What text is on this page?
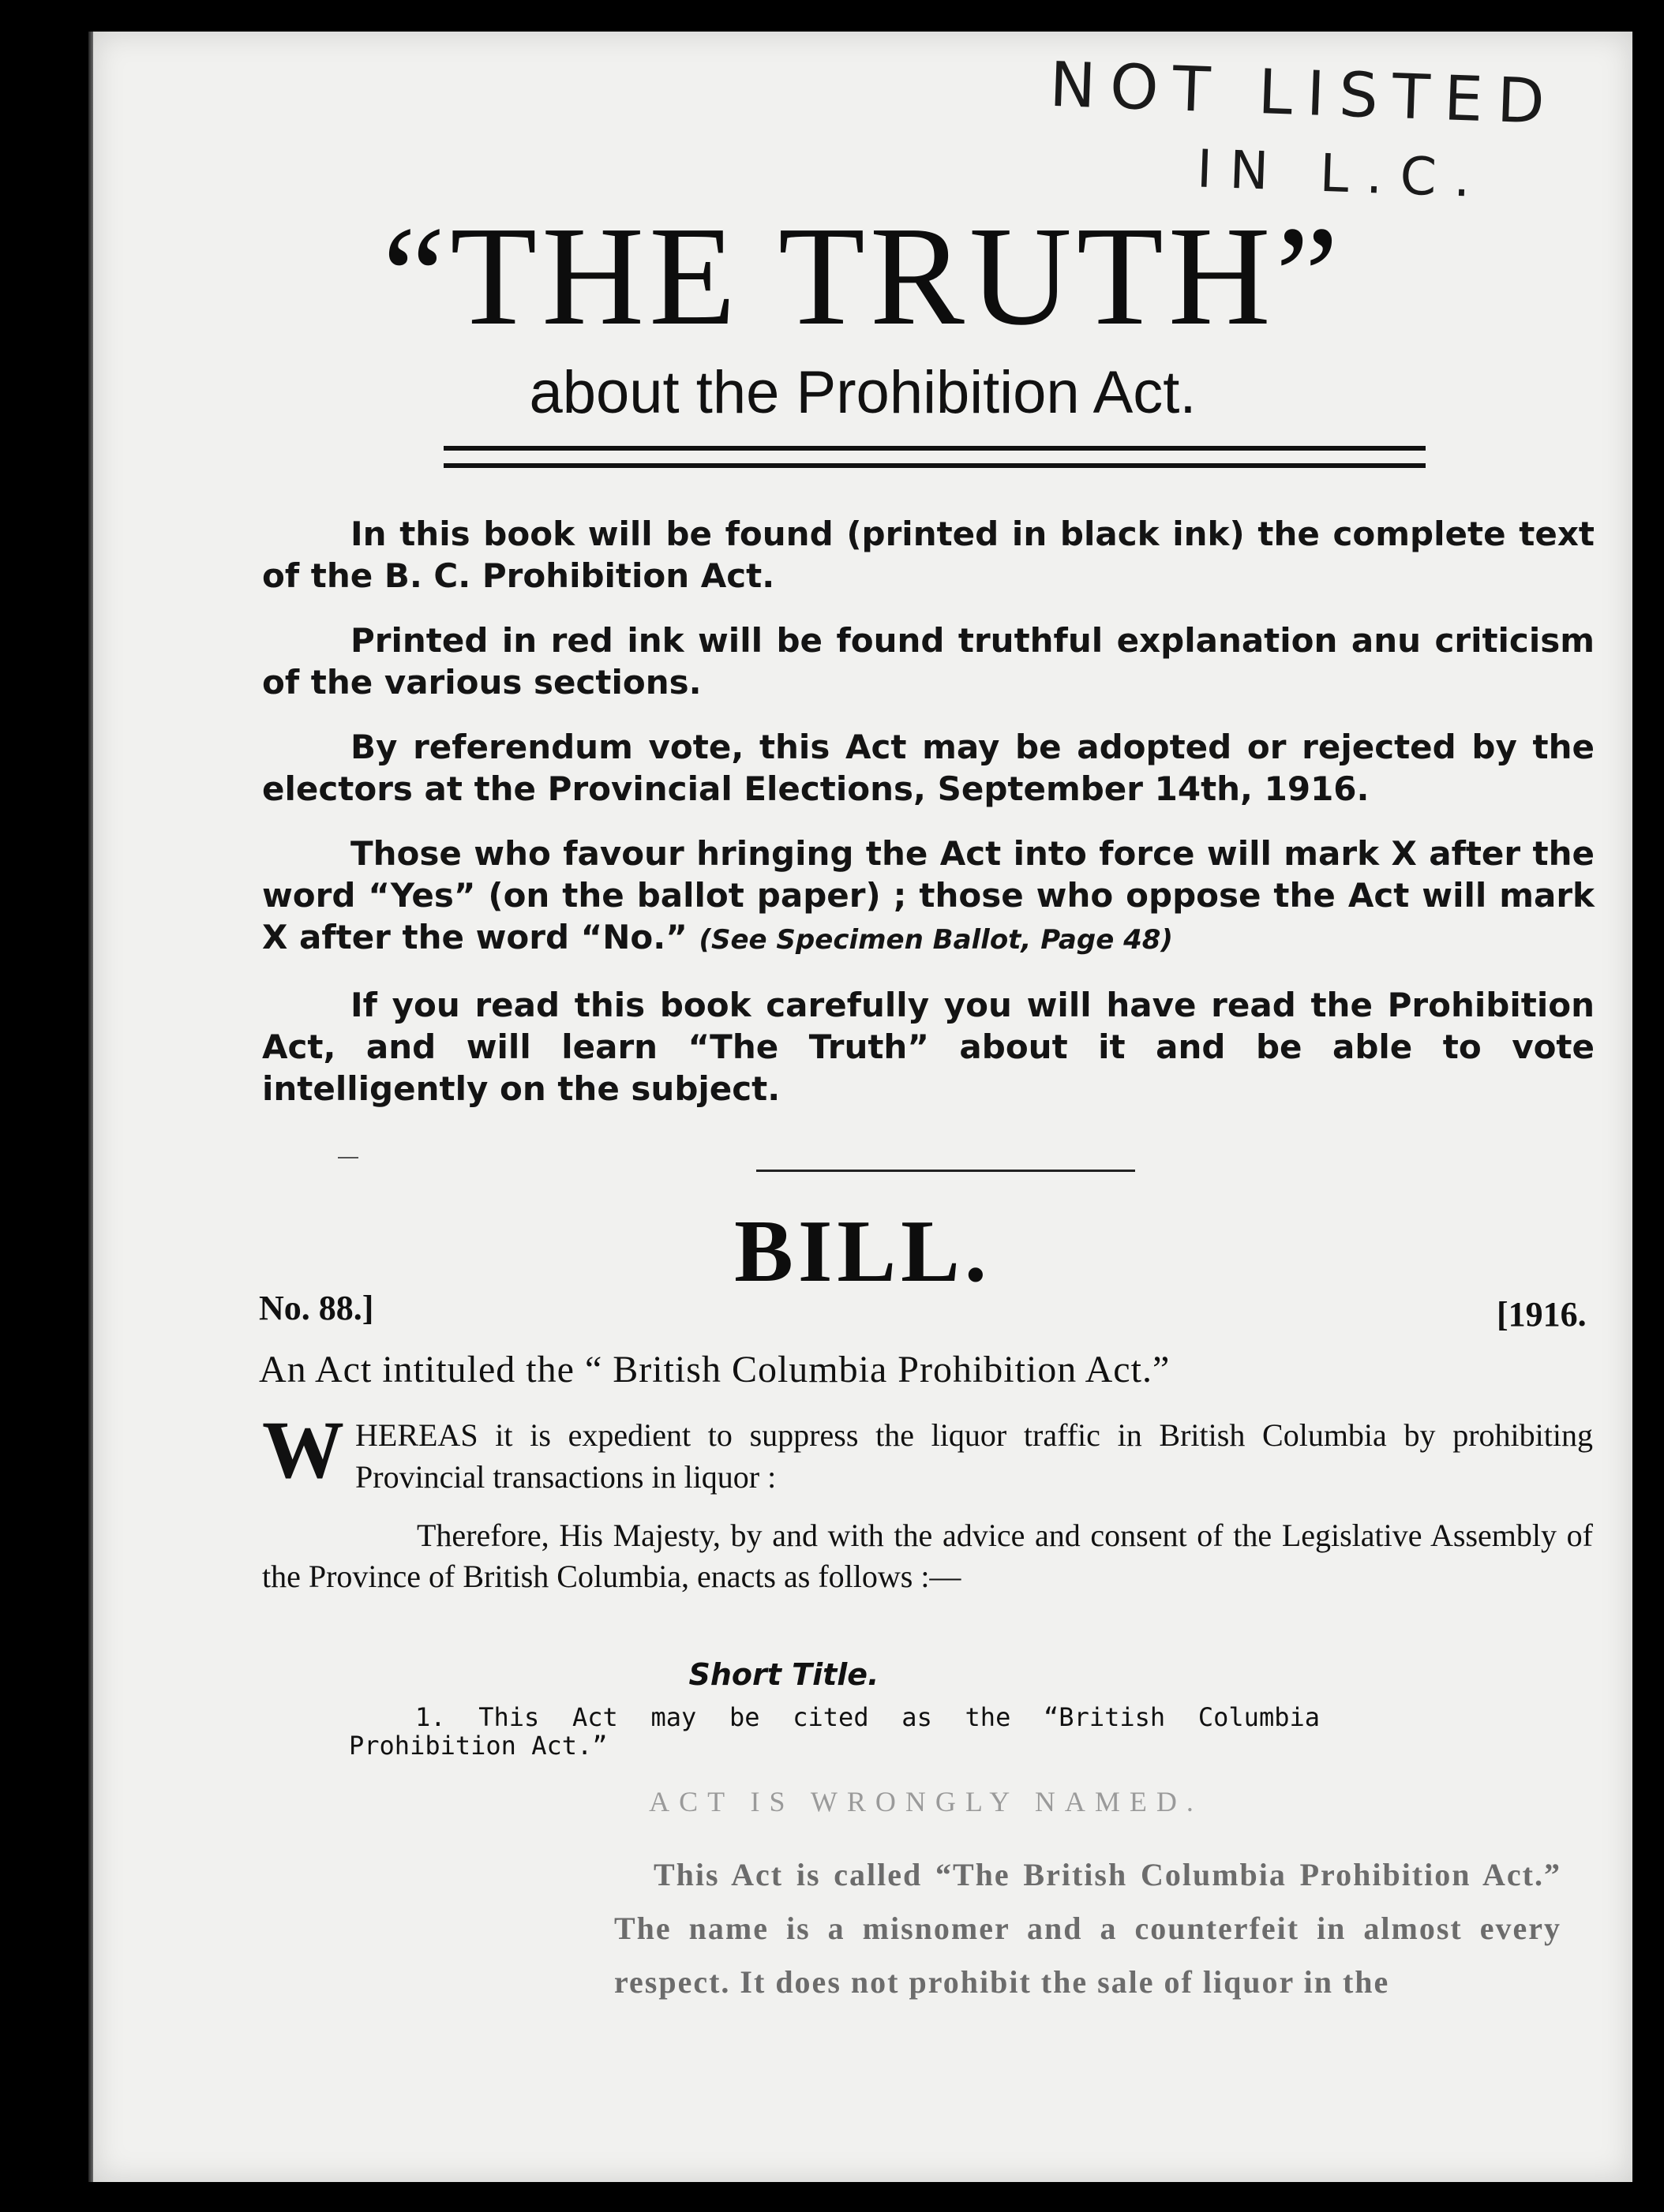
NOT LISTED
IN L.C.
“THE TRUTH”
about the Prohibition Act.

In this book will be found (printed in black ink) the complete text of the B. C. Prohibition Act.

Printed in red ink will be found truthful explanation anu criticism of the various sections.

By referendum vote, this Act may be adopted or rejected by the electors at the Provincial Elections, September 14th, 1916.

Those who favour hringing the Act into force will mark X after the word “Yes” (on the ballot paper) ; those who oppose the Act will mark X after the word “No.” (See Specimen Ballot, Page 48)

If you read this book carefully you will have read the Prohibition Act, and will learn “The Truth” about it and be able to vote intelligently on the subject.

BILL.
No. 88.]	[1916.
An Act intituled the “ British Columbia Prohibition Act.”
WHEREAS it is expedient to suppress the liquor traffic in British Columbia by prohibiting Provincial transactions in liquor :

Therefore, His Majesty, by and with the advice and consent of the Legislative Assembly of the Province of British Columbia, enacts as follows :—

Short Title.

1. This Act may be cited as the “British Columbia Prohibition Act.”

ACT IS WRONGLY NAMED.

This Act is called “The British Columbia Prohibition Act.” The name is a misnomer and a counterfeit in almost every respect. It does not prohibit the sale of liquor in the
